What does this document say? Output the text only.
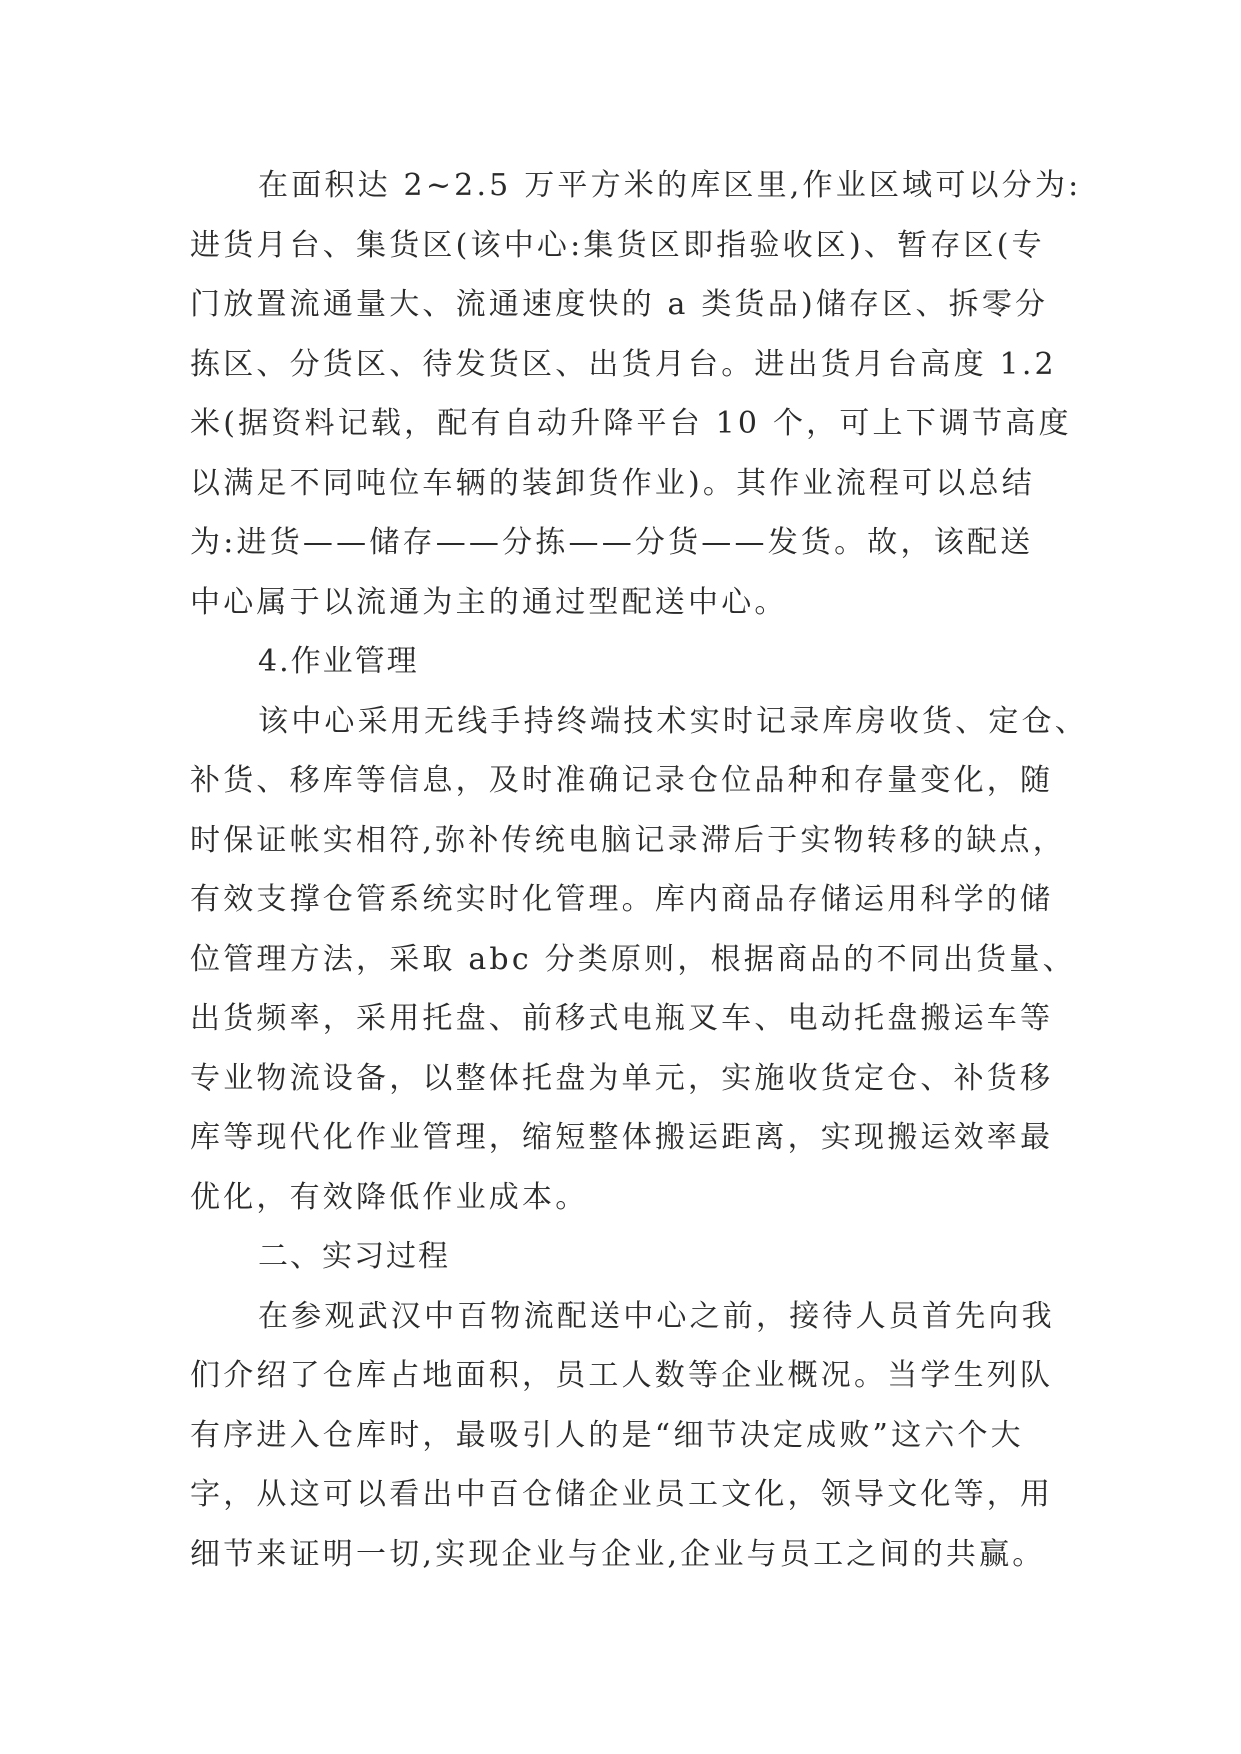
在面积达 2~2.5 万平方米的库区里,作业区域可以分为:
进货月台、集货区(该中心:集货区即指验收区)、暂存区(专
门放置流通量大、流通速度快的 a 类货品)储存区、拆零分
拣区、分货区、待发货区、出货月台。进出货月台高度 1.2
米(据资料记载，配有自动升降平台 10 个，可上下调节高度
以满足不同吨位车辆的装卸货作业)。其作业流程可以总结
为:进货——储存——分拣——分货——发货。故，该配送
中心属于以流通为主的通过型配送中心。
4.作业管理
该中心采用无线手持终端技术实时记录库房收货、定仓、
补货、移库等信息，及时准确记录仓位品种和存量变化，随
时保证帐实相符,弥补传统电脑记录滞后于实物转移的缺点，
有效支撑仓管系统实时化管理。库内商品存储运用科学的储
位管理方法，采取 abc 分类原则，根据商品的不同出货量、
出货频率，采用托盘、前移式电瓶叉车、电动托盘搬运车等
专业物流设备，以整体托盘为单元，实施收货定仓、补货移
库等现代化作业管理，缩短整体搬运距离，实现搬运效率最
优化，有效降低作业成本。
二、实习过程
在参观武汉中百物流配送中心之前，接待人员首先向我
们介绍了仓库占地面积，员工人数等企业概况。当学生列队
有序进入仓库时，最吸引人的是“细节决定成败”这六个大
字，从这可以看出中百仓储企业员工文化，领导文化等，用
细节来证明一切,实现企业与企业,企业与员工之间的共赢。
